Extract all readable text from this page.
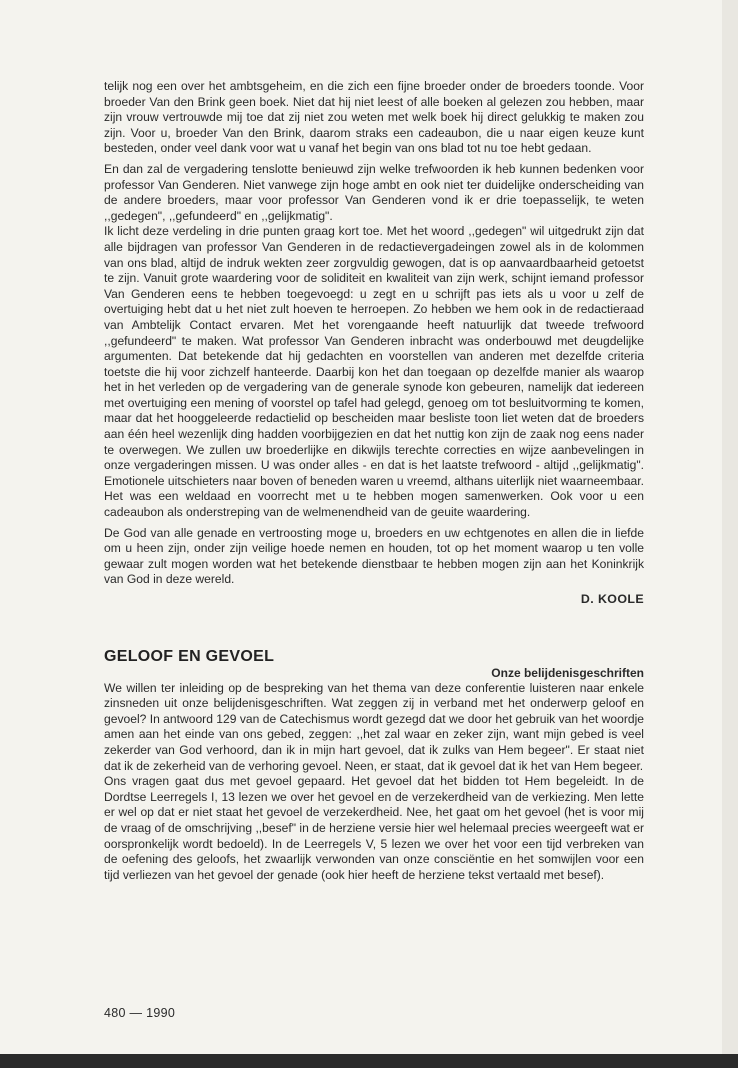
telijk nog een over het ambtsgeheim, en die zich een fijne broeder onder de broeders toonde. Voor broeder Van den Brink geen boek. Niet dat hij niet leest of alle boeken al gelezen zou hebben, maar zijn vrouw vertrouwde mij toe dat zij niet zou weten met welk boek hij direct gelukkig te maken zou zijn. Voor u, broeder Van den Brink, daarom straks een cadeaubon, die u naar eigen keuze kunt besteden, onder veel dank voor wat u vanaf het begin van ons blad tot nu toe hebt gedaan.

En dan zal de vergadering tenslotte benieuwd zijn welke trefwoorden ik heb kunnen bedenken voor professor Van Genderen. Niet vanwege zijn hoge ambt en ook niet ter duidelijke onderscheiding van de andere broeders, maar voor professor Van Genderen vond ik er drie toepasselijk, te weten ,,gedegen", ,,gefundeerd" en ,,gelijkmatig".

Ik licht deze verdeling in drie punten graag kort toe. Met het woord ,,gedegen" wil uitgedrukt zijn dat alle bijdragen van professor Van Genderen in de redactievergadeingen zowel als in de kolommen van ons blad, altijd de indruk wekten zeer zorgvuldig gewogen, dat is op aanvaardbaarheid getoetst te zijn. Vanuit grote waardering voor de soliditeit en kwaliteit van zijn werk, schijnt iemand professor Van Genderen eens te hebben toegevoegd: u zegt en u schrijft pas iets als u voor u zelf de overtuiging hebt dat u het niet zult hoeven te herroepen. Zo hebben we hem ook in de redactieraad van Ambtelijk Contact ervaren. Met het vorengaande heeft natuurlijk dat tweede trefwoord ,,gefundeerd" te maken. Wat professor Van Genderen inbracht was onderbouwd met deugdelijke argumenten. Dat betekende dat hij gedachten en voorstellen van anderen met dezelfde criteria toetste die hij voor zichzelf hanteerde. Daarbij kon het dan toegaan op dezelfde manier als waarop het in het verleden op de vergadering van de generale synode kon gebeuren, namelijk dat iedereen met overtuiging een mening of voorstel op tafel had gelegd, genoeg om tot besluitvorming te komen, maar dat het hooggeleerde redactielid op bescheiden maar besliste toon liet weten dat de broeders aan één heel wezenlijk ding hadden voorbijgezien en dat het nuttig kon zijn de zaak nog eens nader te overwegen. We zullen uw broederlijke en dikwijls terechte correcties en wijze aanbevelingen in onze vergaderingen missen. U was onder alles - en dat is het laatste trefwoord - altijd ,,gelijkmatig". Emotionele uitschieters naar boven of beneden waren u vreemd, althans uiterlijk niet waarneembaar. Het was een weldaad en voorrecht met u te hebben mogen samenwerken. Ook voor u een cadeaubon als onderstreping van de welmenendheid van de geuite waardering.

De God van alle genade en vertroosting moge u, broeders en uw echtgenotes en allen die in liefde om u heen zijn, onder zijn veilige hoede nemen en houden, tot op het moment waarop u ten volle gewaar zult mogen worden wat het betekende dienstbaar te hebben mogen zijn aan het Koninkrijk van God in deze wereld.

D. KOOLE
GELOOF EN GEVOEL
Onze belijdenisgeschriften

We willen ter inleiding op de bespreking van het thema van deze conferentie luisteren naar enkele zinsneden uit onze belijdenisgeschriften. Wat zeggen zij in verband met het onderwerp geloof en gevoel? In antwoord 129 van de Catechismus wordt gezegd dat we door het gebruik van het woordje amen aan het einde van ons gebed, zeggen: ,,het zal waar en zeker zijn, want mijn gebed is veel zekerder van God verhoord, dan ik in mijn hart gevoel, dat ik zulks van Hem begeer". Er staat niet dat ik de zekerheid van de verhoring gevoel. Neen, er staat, dat ik gevoel dat ik het van Hem begeer.

Ons vragen gaat dus met gevoel gepaard. Het gevoel dat het bidden tot Hem begeleidt. In de Dordtse Leerregels I, 13 lezen we over het gevoel en de verzekerdheid van de verkiezing. Men lette er wel op dat er niet staat het gevoel de verzekerdheid. Nee, het gaat om het gevoel (het is voor mij de vraag of de omschrijving ,,besef" in de herziene versie hier wel helemaal precies weergeeft wat er oorspronkelijk wordt bedoeld). In de Leerregels V, 5 lezen we over het voor een tijd verbreken van de oefening des geloofs, het zwaarlijk verwonden van onze consciëntie en het somwijlen voor een tijd verliezen van het gevoel der genade (ook hier heeft de herziene tekst vertaald met besef).

480 — 1990
